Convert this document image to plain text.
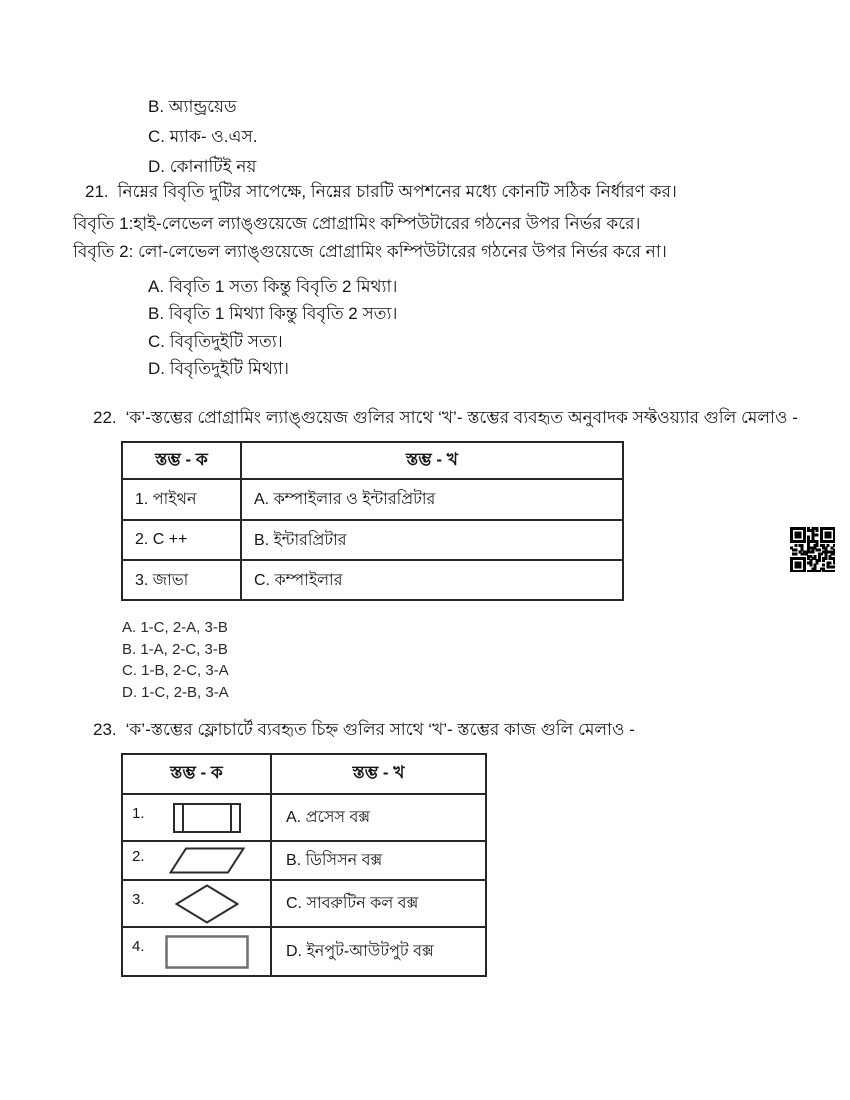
B. অ্যান্ড্রয়েড
C. ম্যাক- ও.এস.
D. কোনাটিই নয়
21. নিম্নের বিবৃতি দুটির সাপেক্ষে, নিম্নের চারটি অপশনের মধ্যে কোনটি সঠিক নির্ধারণ কর।
বিবৃতি 1:হাই-লেভেল ল্যাঙ্গুয়েজে প্রোগ্রামিং কম্পিউটারের গঠনের উপর নির্ভর করে।
বিবৃতি 2: লো-লেভেল ল্যাঙ্গুয়েজে প্রোগ্রামিং কম্পিউটারের গঠনের উপর নির্ভর করে না।
A. বিবৃতি 1 সত্য কিন্তু বিবৃতি 2 মিথ্যা।
B. বিবৃতি 1 মিথ্যা কিন্তু বিবৃতি 2 সত্য।
C. বিবৃতিদুইটি সত্য।
D. বিবৃতিদুইটি মিথ্যা।
22. ‘ক’-স্তম্ভের প্রোগ্রামিং ল্যাঙ্গুয়েজ গুলির সাথে ‘খ’- স্তম্ভের ব্যবহৃত অনুবাদক সফ্টওয়্যার গুলি মেলাও -
স্তম্ভ - ক	স্তম্ভ - খ
1. পাইথন	A. কম্পাইলার ও ইন্টারপ্রিটার
2. C ++	B. ইন্টারপ্রিটার
3. জাভা	C. কম্পাইলার
A. 1-C, 2-A, 3-B
B. 1-A, 2-C, 3-B
C. 1-B, 2-C, 3-A
D. 1-C, 2-B, 3-A
23. ‘ক’-স্তম্ভের ফ্লোচার্টে ব্যবহৃত চিহ্ন গুলির সাথে ‘খ’- স্তম্ভের কাজ গুলি মেলাও -
স্তম্ভ - ক	স্তম্ভ - খ

1.	A. প্রসেস বক্স

2.	B. ডিসিসন বক্স

3.	C. সাবরুটিন কল বক্স

4.	D. ইনপুট-আউটপুট বক্স
